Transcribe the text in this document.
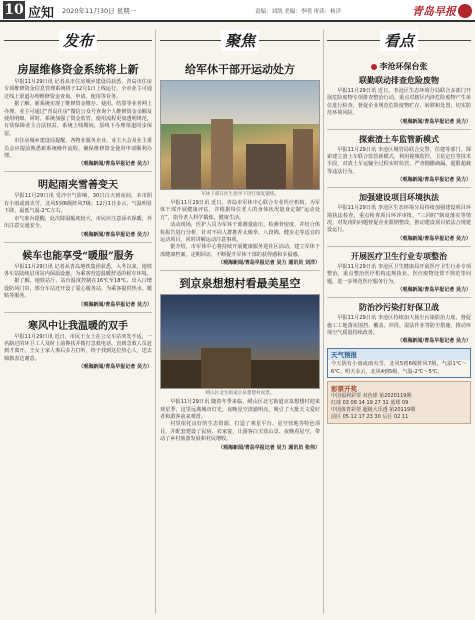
10 应知 2020年11月30日 星期一	责编：刘凯 美编：李明 审读：杨洋	青岛早报
发布	聚焦	看点
房屋维修资金系统将上新

早报11月29日讯 记者从市住房城乡建设局获悉，青岛市住房专项维修资金信息管理系统将于12月1日上线运行，全市业主可通过线上渠道办理维修资金查询、申请、使用等业务。

据了解，新系统实现了维修资金缴存、使用、结算等业务网上办理，业主可通过“青岛住房”微信公众号查询个人维修资金余额及使用明细。同时，系统加强了资金监管，使用流程更加透明规范，有效保障业主合法权益。系统上线期间，原线下办理渠道同步保留。

市住房城乡建设局提醒，各物业服务企业、业主大会及业主委员会应提前熟悉新系统操作流程，确保维修资金使用申请顺利办理。

（观海新闻/青岛早报记者 吴力）

明起雨夹雪善变天

早报11月29日讯 受冷空气影响，30日白天到夜间，本市阴有小雨或雨夹雪，北风5到6级阵风7级；12月1日多云，气温明显下降，最低气温-2℃左右。

市气象台提醒，此次降温幅度较大，市民应注意添衣保暖，外出注意交通安全。

（观海新闻/青岛早报记者 吴力）

候车也能享受“暖服”服务

早报11月29日讯 记者从青岛地铁集团获悉，入冬以来，地铁各车站陆续启用站内保温设施，为乘客营造温暖舒适的候车环境。

据了解，地铁站厅、站台温度控制在16℃至18℃，出入口增设防风门帘，部分车站还开设了爱心服务站，为乘客提供热水、暖贴等服务。

（观海新闻/青岛早报记者 吴力）

寒风中让我温暖的双手

早报11月29日讯 近日，市民王女士在公交车站突发不适，一名路过的环卫工人及时上前搀扶并拨打急救电话，直到急救人员赶到才离开。王女士家人事后多方打听，终于找到这位热心人，送去锦旗表达谢意。

（观海新闻/青岛早报记者 吴力）

给军休干部开运动处方

军休干部在医生指导下进行康复锻炼。

早报11月29日讯 近日，青岛市军休中心联合专业医疗机构，为军休干部开展健康评估，并根据每位老人的身体状况量身定制“运动处方”，指导老人科学锻炼、健康生活。

活动现场，医护人员为军休干部测量血压、检测骨密度，并结合体检报告进行分析，针对不同人群推荐太极拳、八段锦、健步走等适宜的运动项目，同时讲解运动注意事项。

据介绍，市军休中心将持续开展健康服务进社区活动，建立军休干部健康档案，定期回访，不断提升军休干部的获得感和幸福感。

（观海新闻/青岛早报记者 吴力 通讯员 刘洋）

到京泉想想村看最美星空

崂山区北宅街道京泉想想村夜景。

早报11月29日讯 随着冬季来临，崂山区北宅街道京泉想想村迎来观星季，这里远离城市灯光，夜晚星空清澈明亮，吸引了大批天文爱好者和游客前来观赏。

村里依托良好的生态资源，打造了观星平台、星空营地等特色项目，并配套建设了民宿、农家宴，让游客白天赏山景、夜晚看星空，带动了乡村旅游发展和村民增收。

（观海新闻/青岛早报记者 吴力 通讯员 张伟）

李沧环保台张
联勤联动排查危险废物

早报11月29日讯 近日，李沧区生态环境分局联合多部门开展危险废物专项排查整治行动，重点对辖区内涉危险废物产生单位进行检查，督促企业规范危险废物贮存、转移和处置，切实防范环境风险。

（观海新闻/青岛早报记者 吴力）

探索渣土车监管新模式

早报11月29日讯 李沧区城管局联合交警、住建等部门，探索建立渣土车联合监管新模式，利用视频监控、卫星定位等技术手段，对渣土车运输全过程实时监管，严查抛撒滴漏、超限超载等违法行为。

（观海新闻/青岛早报记者 吴力）

加强建设项目环境执法

早报11月29日讯 李沧区生态环境分局持续加强建设项目环境执法检查，重点检查项目环评审批、“三同时”制度落实等情况，对发现的问题督促企业限期整改，推动建设项目依法合规建设运行。

（观海新闻/青岛早报记者 吴力）

开展医疗卫生行业专项整治

早报11月29日讯 李沧区卫生健康局开展医疗卫生行业专项整治，重点整治医疗机构违规执业、医疗废物处置不规范等问题，进一步规范医疗服务行为。

（观海新闻/青岛早报记者 吴力）

防治沙污染打好保卫战

早报11月29日讯 李沧区持续加大扬尘污染防治力度，督促施工工地落实围挡、覆盖、冲洗、湿法作业等防尘措施，推动环境空气质量持续改善。

（观海新闻/青岛早报记者 吴力）

天气预报

今天阴有小雨或雨夹雪，北风5到6级阵风7级，气温1℃～6℃。明天多云，北风4到5级，气温-2℃～5℃。

彩票开奖
中国福利彩票 双色球 第2020119期
红球 03 08 14 19 27 31 蓝球 09
中国体育彩票 超级大乐透 第20119期
前区 05 12 17 23 30 后区 02 11
